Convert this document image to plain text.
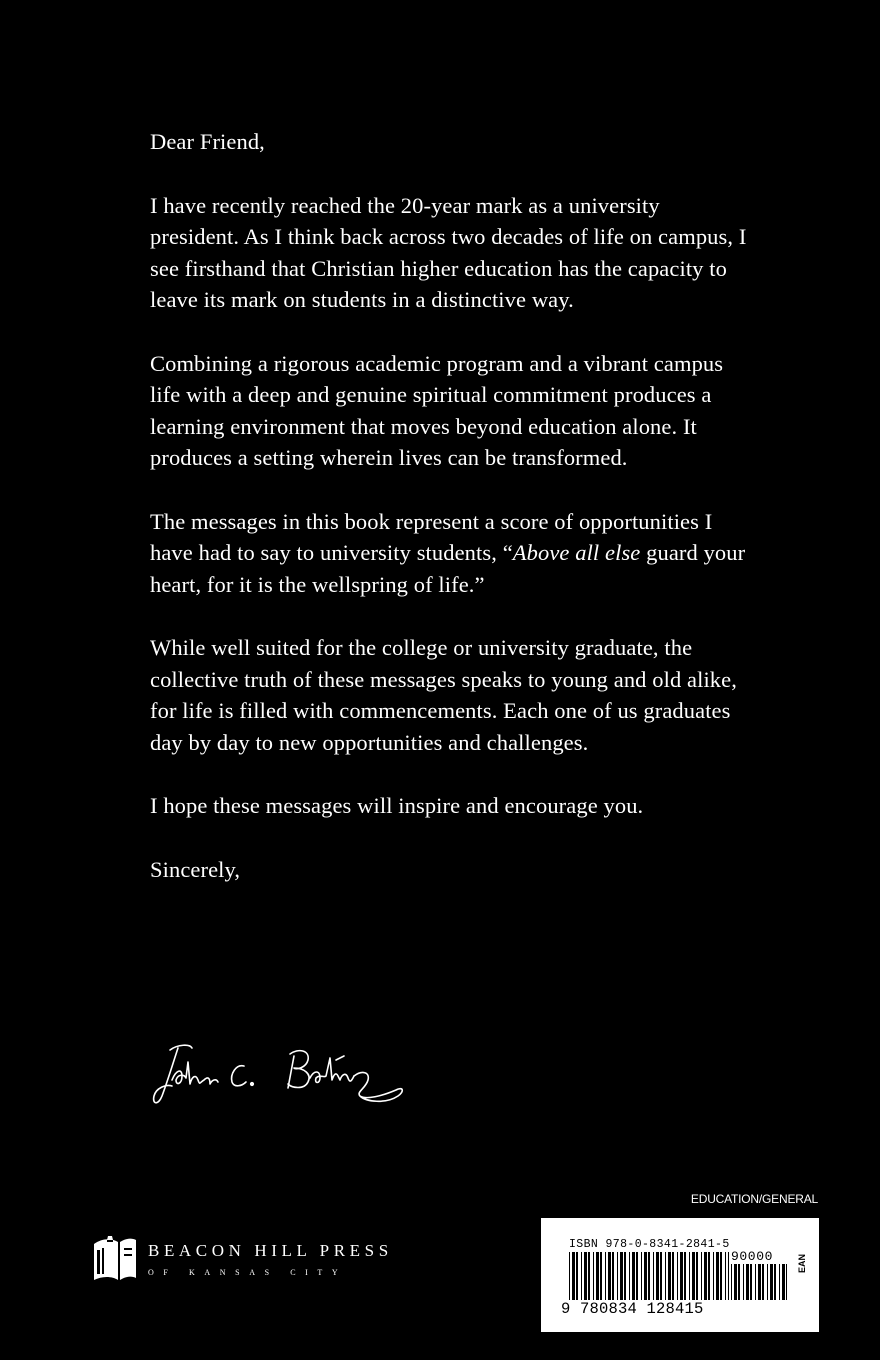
Dear Friend,

I have recently reached the 20-year mark as a university president. As I think back across two decades of life on campus, I see firsthand that Christian higher education has the capacity to leave its mark on students in a distinctive way.

Combining a rigorous academic program and a vibrant campus life with a deep and genuine spiritual commitment produces a learning environment that moves beyond education alone. It produces a setting wherein lives can be transformed.

The messages in this book represent a score of opportunities I have had to say to university students, “Above all else guard your heart, for it is the wellspring of life.”

While well suited for the college or university graduate, the collective truth of these messages speaks to young and old alike, for life is filled with commencements. Each one of us graduates day by day to new opportunities and challenges.

I hope these messages will inspire and encourage you.

Sincerely,

EDUCATION/GENERAL
BEACON HILL PRESS
OF KANSAS CITY
ISBN 978-0-8341-2841-5
90000
9 780834 128415
EAN
